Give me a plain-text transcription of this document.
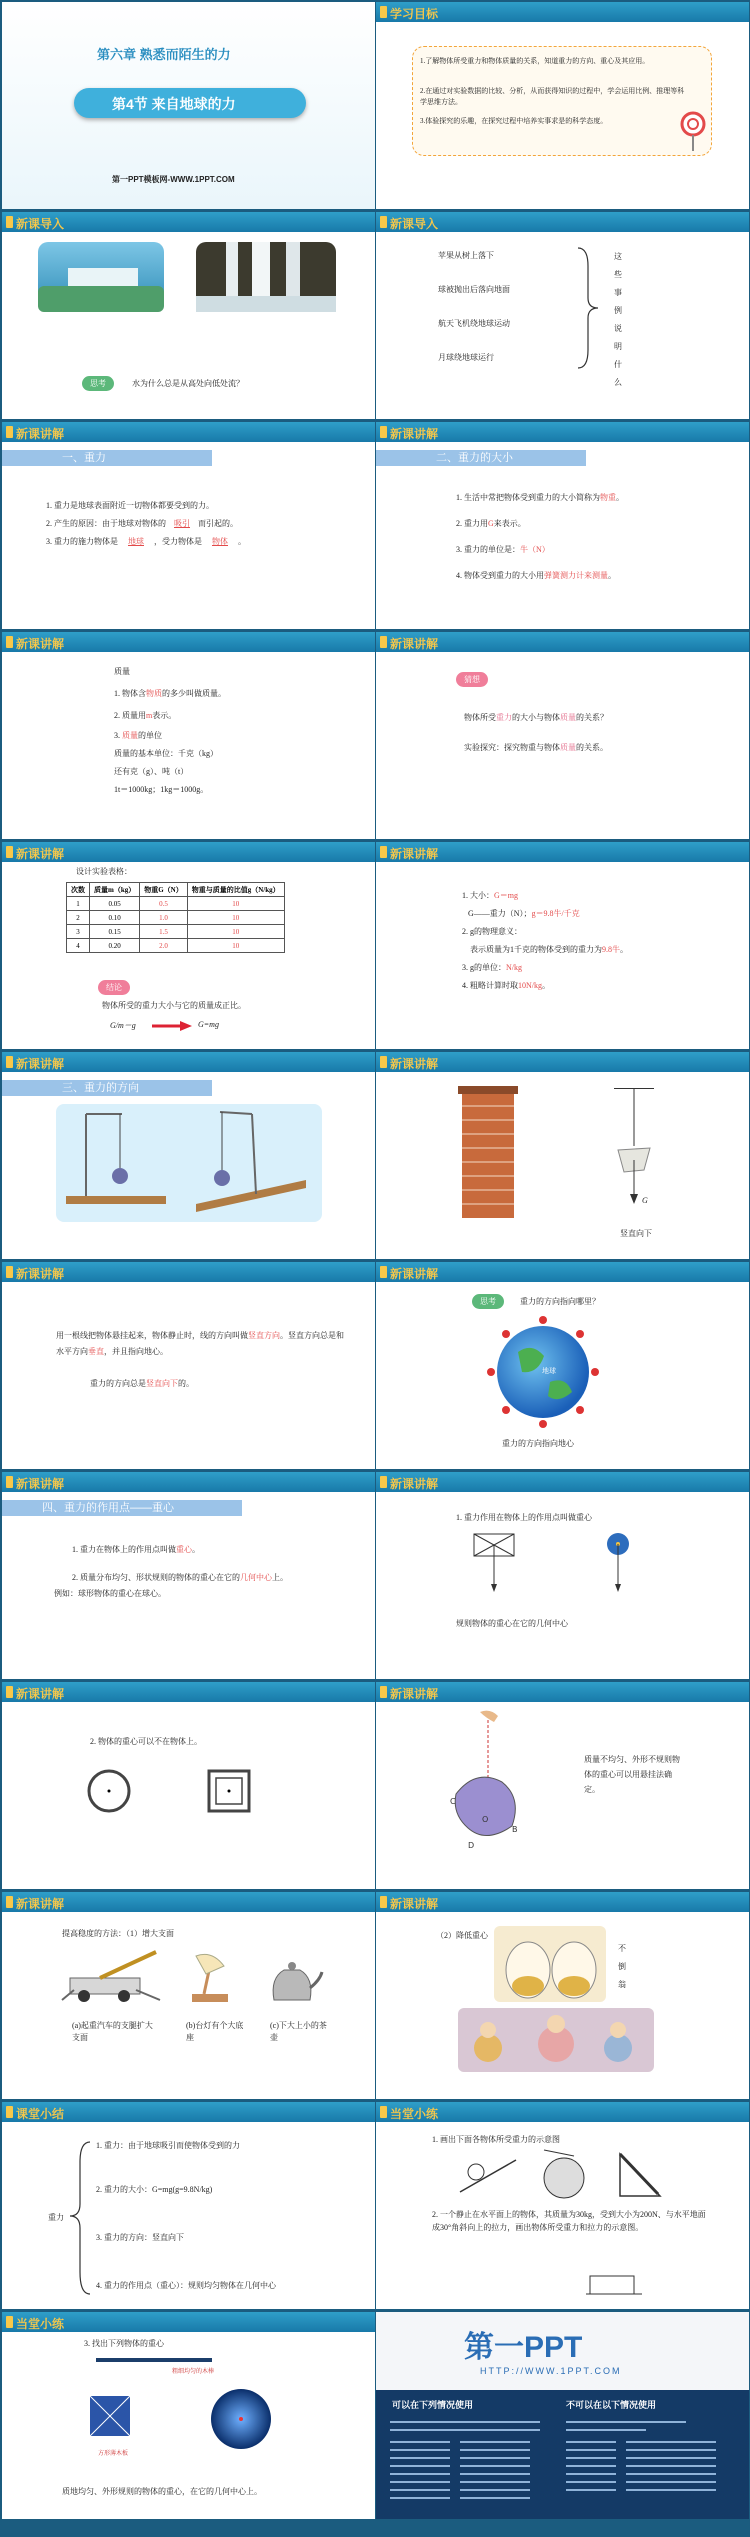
第六章 熟悉而陌生的力
第4节 来自地球的力
第一PPT模板网-WWW.1PPT.COM
学习目标
1.了解物体所受重力和物体质量的关系，知道重力的方向、重心及其应用。
2.在通过对实验数据的比较、分析，从而获得知识的过程中，学会运用比例、推理等科学思维方法。
3.体验探究的乐趣，在探究过程中培养实事求是的科学态度。
新课导入
思考	水为什么总是从高处向低处流？
新课导入
苹果从树上落下
球被抛出后落向地面
航天飞机绕地球运动
月球绕地球运行
这些事例说明什么
新课讲解
一、重力
1. 重力是地球表面附近一切物体都要受到的力。
2. 产生的原因：由于地球对物体的 吸引 而引起的。
3. 重力的施力物体是 地球 ，受力物体是 物体 。
新课讲解
二、重力的大小
1. 生活中常把物体受到重力的大小简称为物重。
2. 重力用G来表示。
3. 重力的单位是：牛（N）
4. 物体受到重力的大小用弹簧测力计来测量。
新课讲解
质量
1. 物体含物质的多少叫做质量。
2. 质量用m表示。
3. 质量的单位
质量的基本单位：千克（kg）
还有克（g）、吨（t）
1t＝1000kg；1kg＝1000g。
新课讲解
猜想
物体所受重力的大小与物体质量的关系？
实验探究：探究物重与物体质量的关系。
新课讲解
设计实验表格：
次数	质量m（kg）	物重G（N）	物重与质量的比值g（N/kg）
1	0.05	0.5	10
2	0.10	1.0	10
3	0.15	1.5	10
4	0.20	2.0	10
结论
物体所受的重力大小与它的质量成正比。
G/m＝g	G=mg
新课讲解
1. 大小：G＝mg
G——重力（N）；g＝9.8牛/千克
2. g的物理意义：
表示质量为1千克的物体受到的重力为9.8牛。
3. g的单位：N/kg
4. 粗略计算时取10N/kg。
新课讲解
三、重力的方向
新课讲解
G
竖直向下
新课讲解
用一根线把物体悬挂起来，物体静止时，线的方向叫做竖直方向。竖直方向总是和水平方向垂直，并且指向地心。
重力的方向总是竖直向下的。
新课讲解
思考	重力的方向指向哪里？
地球
重力的方向指向地心
新课讲解
四、重力的作用点——重心
1. 重力在物体上的作用点叫做重心。
2. 质量分布均匀、形状规则的物体的重心在它的几何中心上。
例如：球形物体的重心在球心。
新课讲解
1. 重力作用在物体上的作用点叫做重心
规则物体的重心在它的几何中心
新课讲解
2. 物体的重心可以不在物体上。
新课讲解
C
O
B
D
质量不均匀、外形不规则物体的重心可以用悬挂法确定。
新课讲解
提高稳度的方法：（1）增大支面
(a)起重汽车的支腿扩大支面
(b)台灯有个大底座
(c)下大上小的茶壶
新课讲解
（2）降低重心
不倒翁
课堂小结
重力
1. 重力：由于地球吸引而使物体受到的力
2. 重力的大小：G=mg(g=9.8N/kg)
3. 重力的方向：竖直向下
4. 重力的作用点（重心）：规则均匀物体在几何中心
当堂小练
1. 画出下面各物体所受重力的示意图
2. 一个静止在水平面上的物体，其质量为30kg，受到大小为200N、与水平地面成30°角斜向上的拉力，画出物体所受重力和拉力的示意图。
当堂小练
3. 找出下列物体的重心
粗细均匀的木棒
方形薄木板
质地均匀、外形规则的物体的重心，在它的几何中心上。
第一PPT
HTTP://WWW.1PPT.COM
可以在下列情况使用	不可以在以下情况使用
